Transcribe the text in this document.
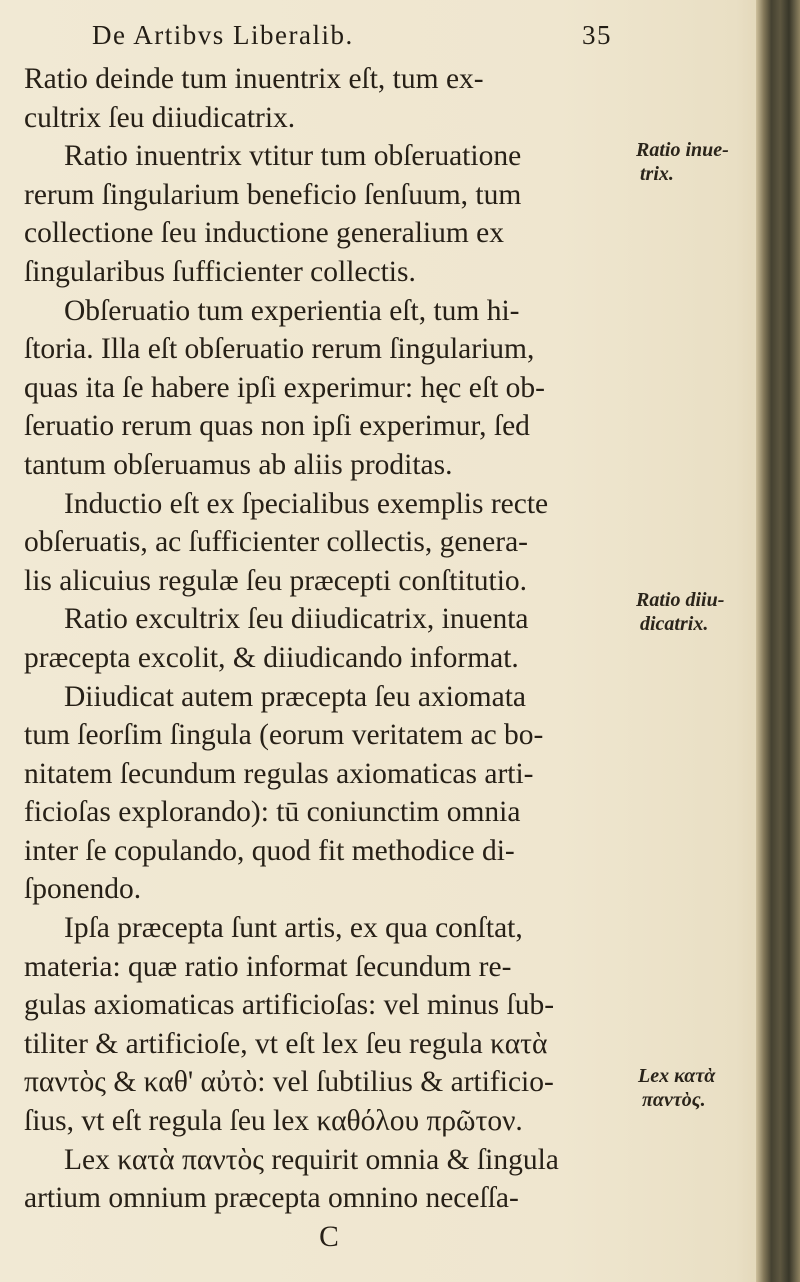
De Artibvs Liberalib.	35
Ratio deinde tum inuentrix eſt, tum ex-
cultrix ſeu diiudicatrix.
Ratio inuentrix vtitur tum obſeruatione
rerum ſingularium beneficio ſenſuum, tum
collectione ſeu inductione generalium ex
ſingularibus ſufficienter collectis.
Obſeruatio tum experientia eſt, tum hi-
ſtoria. Illa eſt obſeruatio rerum ſingularium,
quas ita ſe habere ipſi experimur: hęc eſt ob-
ſeruatio rerum quas non ipſi experimur, ſed
tantum obſeruamus ab aliis proditas.
Inductio eſt ex ſpecialibus exemplis recte
obſeruatis, ac ſufficienter collectis, genera-
lis alicuius regulæ ſeu præcepti conſtitutio.
Ratio excultrix ſeu diiudicatrix, inuenta
præcepta excolit, & diiudicando informat.
Diiudicat autem præcepta ſeu axiomata
tum ſeorſim ſingula (eorum veritatem ac bo-
nitatem ſecundum regulas axiomaticas arti-
ficioſas explorando): tū coniunctim omnia
inter ſe copulando, quod fit methodice di-
ſponendo.
Ipſa præcepta ſunt artis, ex qua conſtat,
materia: quæ ratio informat ſecundum re-
gulas axiomaticas artificioſas: vel minus ſub-
tiliter & artificioſe, vt eſt lex ſeu regula κατὰ
παντὸς & καθ' αὐτὸ: vel ſubtilius & artificio-
ſius, vt eſt regula ſeu lex καθόλου πρῶτον.
Lex κατὰ παντὸς requirit omnia & ſingula
artium omnium præcepta omnino neceſſa-
C
Ratio inue-
trix.
Ratio diiu-
dicatrix.
Lex κατὰ
παντὸς.
